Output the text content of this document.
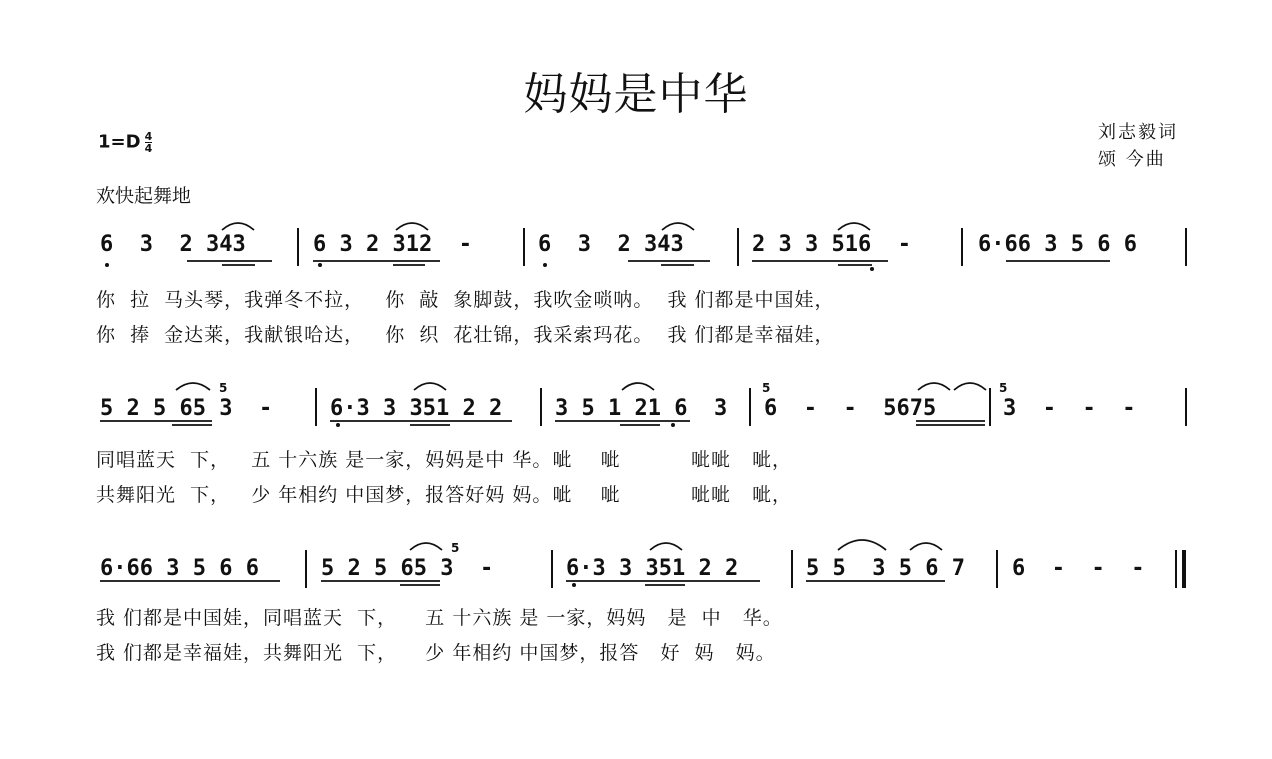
妈妈是中华
$1=D \frac{4}{4}$
欢快起舞地
刘志毅词
颂 今曲
6  3  2 343	6 3 2 312  -	6  3  2 343	2 3 3 516  -	6·66 3 5 6 6
你  拉  马头琴，我弹冬不拉，   你  敲  象脚鼓，我吹金唢呐。  我 们都是中国娃，
你  捧  金达莱，我献银哈达，   你  织  花壮锦，我采索玛花。  我 们都是幸福娃，
5 2 5 65 3  -	6·3 3 351 2 2 3 5 1 21 6  3 6  -  -  5675	3  -  -  -
同唱蓝天  下，   五 十六族 是一家，妈妈是中 华。呲    呲          呲呲   呲，
共舞阳光  下，   少 年相约 中国梦，报答好妈 妈。呲    呲          呲呲   呲，
6·66 3 5 6 6	5 2 5 65 3  -	6·3 3 351 2 2	5 5  3 5 6 7 6  -  -  -
我 们都是中国娃，同唱蓝天  下，    五 十六族 是 一家，妈妈   是  中   华。
我 们都是幸福娃，共舞阳光  下，    少 年相约 中国梦，报答   好  妈   妈。
5	5	5
5
